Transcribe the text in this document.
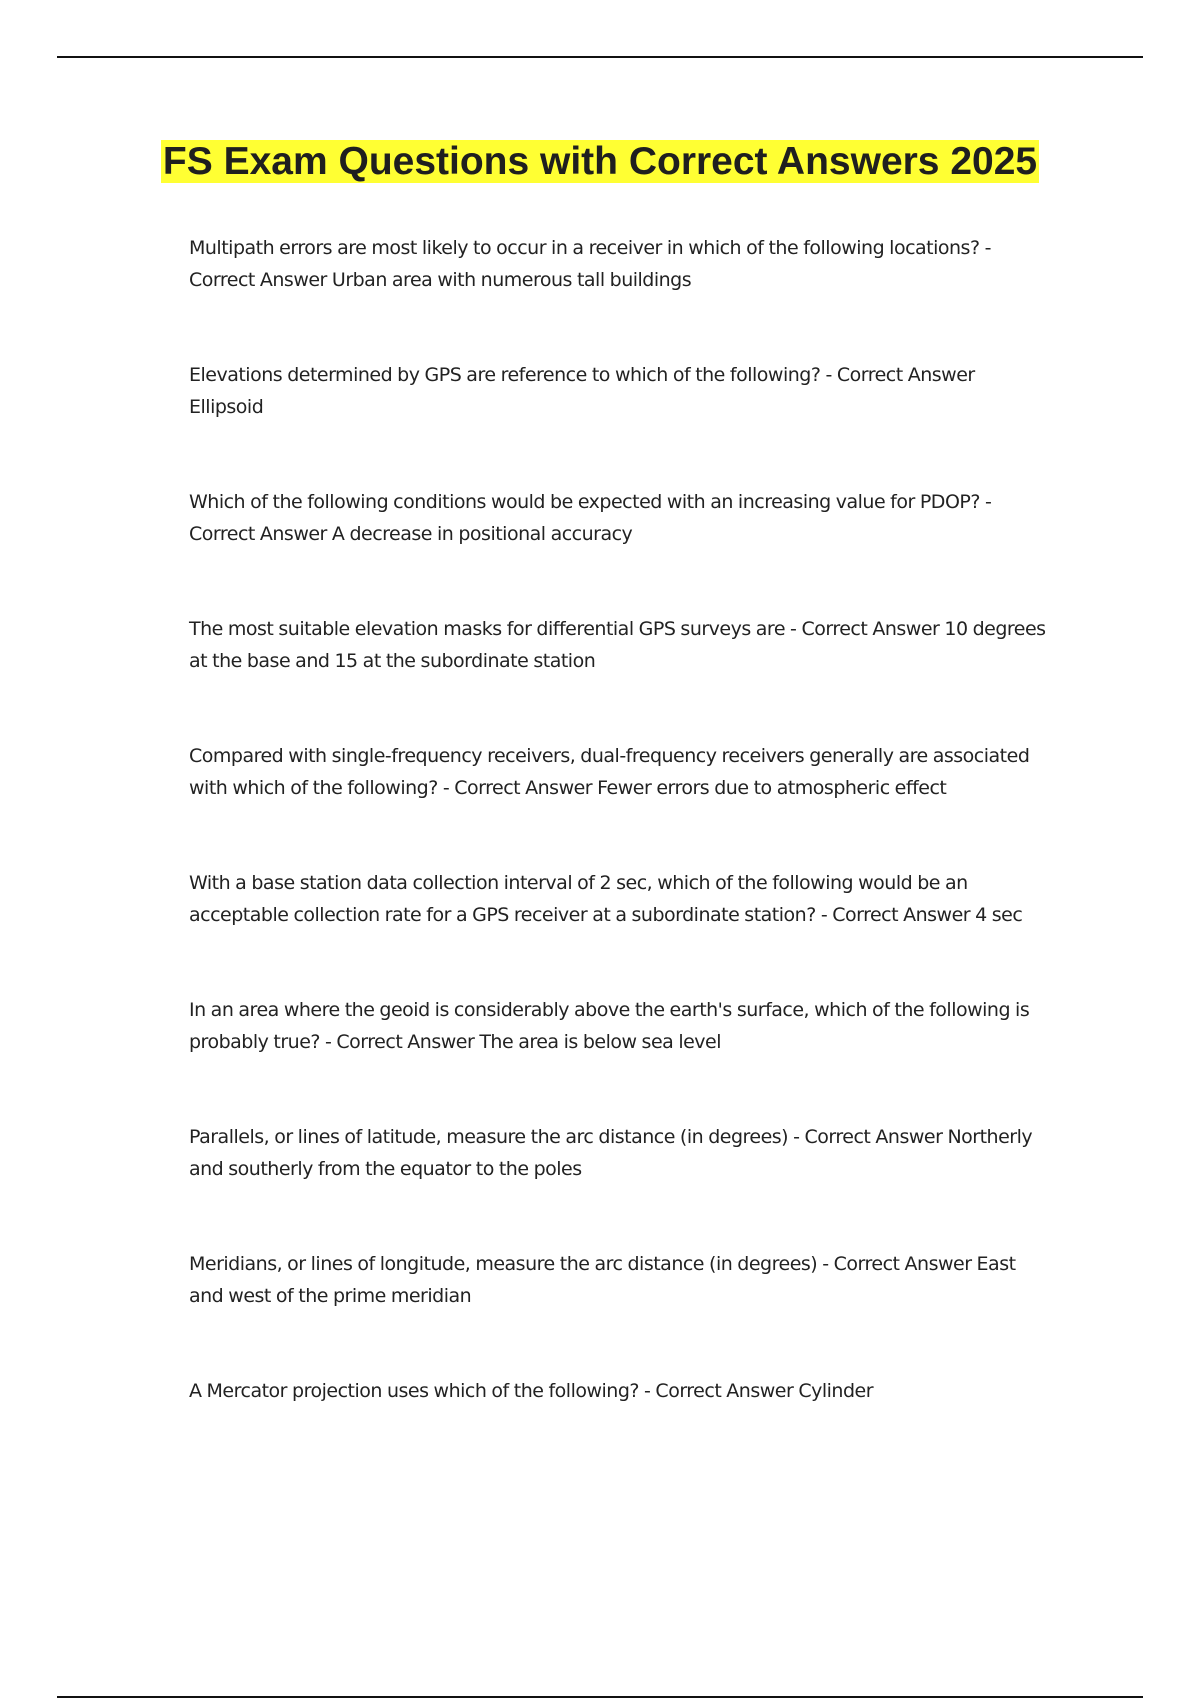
FS Exam Questions with Correct Answers 2025
Multipath errors are most likely to occur in a receiver in which of the following locations? - Correct Answer Urban area with numerous tall buildings
Elevations determined by GPS are reference to which of the following? - Correct Answer Ellipsoid
Which of the following conditions would be expected with an increasing value for PDOP? - Correct Answer A decrease in positional accuracy
The most suitable elevation masks for differential GPS surveys are - Correct Answer 10 degrees at the base and 15 at the subordinate station
Compared with single-frequency receivers, dual-frequency receivers generally are associated with which of the following? - Correct Answer Fewer errors due to atmospheric effect
With a base station data collection interval of 2 sec, which of the following would be an acceptable collection rate for a GPS receiver at a subordinate station? - Correct Answer 4 sec
In an area where the geoid is considerably above the earth's surface, which of the following is probably true? - Correct Answer The area is below sea level
Parallels, or lines of latitude, measure the arc distance (in degrees) - Correct Answer Northerly and southerly from the equator to the poles
Meridians, or lines of longitude, measure the arc distance (in degrees) - Correct Answer East and west of the prime meridian
A Mercator projection uses which of the following? - Correct Answer Cylinder
